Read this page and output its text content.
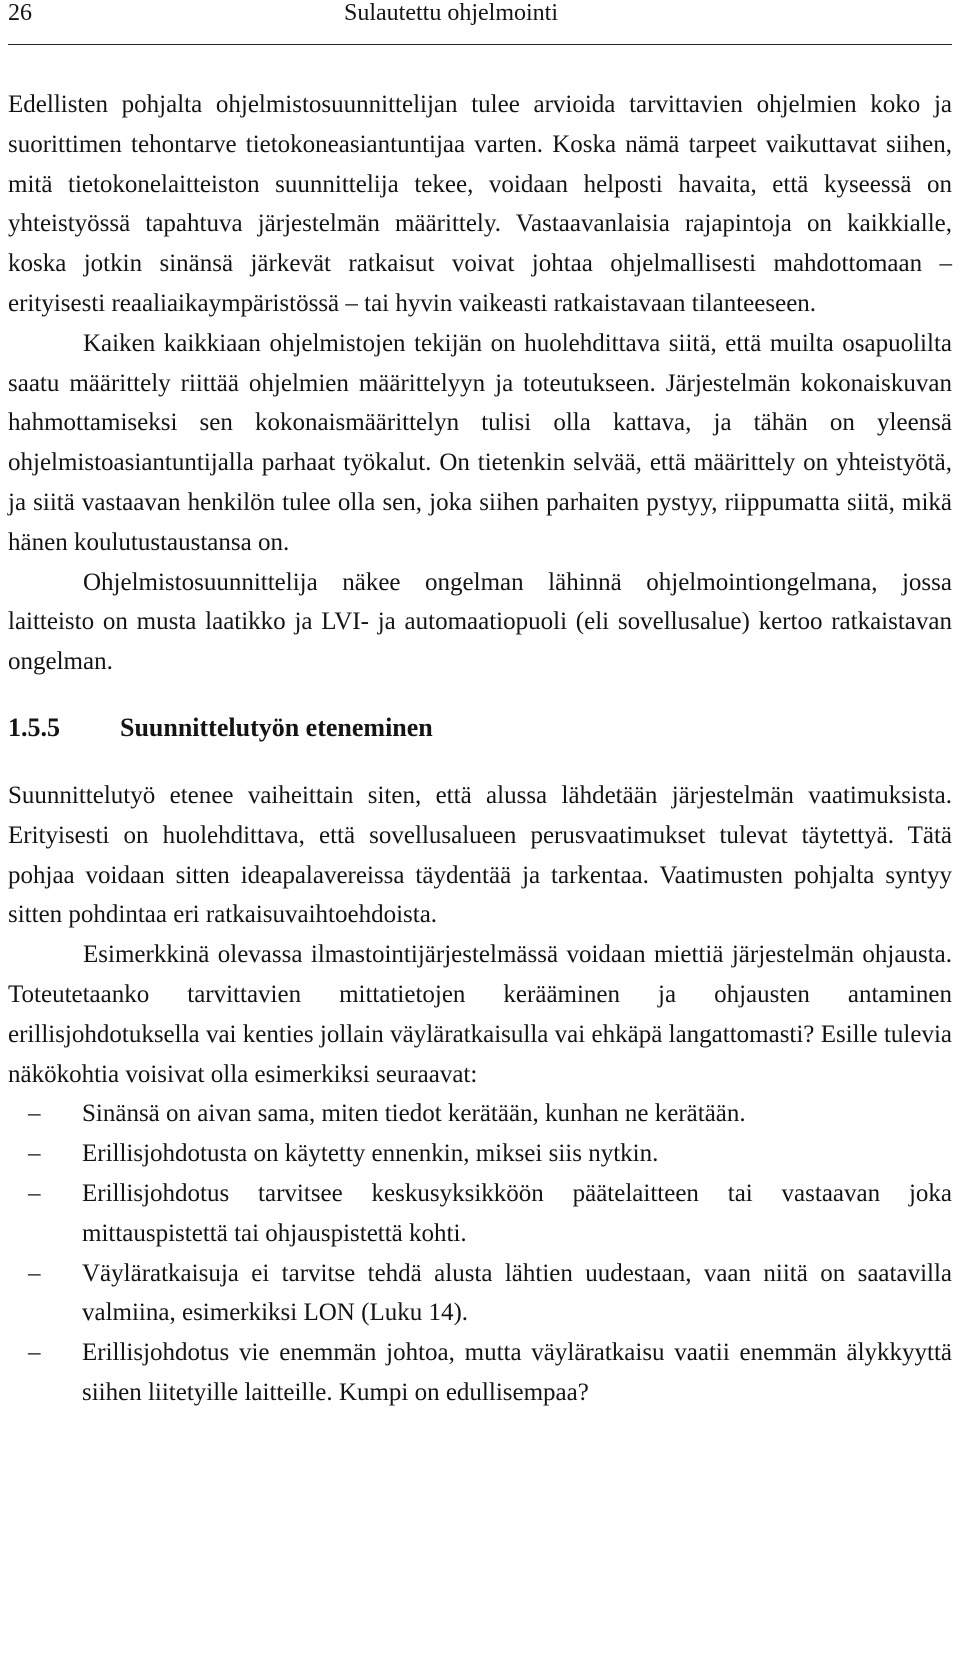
26	Sulautettu ohjelmointi

Edellisten pohjalta ohjelmistosuunnittelijan tulee arvioida tarvittavien ohjelmien koko ja suorittimen tehontarve tietokoneasiantuntijaa varten. Koska nämä tarpeet vaikuttavat siihen, mitä tietokonelaitteiston suunnittelija tekee, voidaan helposti havaita, että kyseessä on yhteistyössä tapahtuva järjestelmän määrittely. Vastaavanlaisia rajapintoja on kaikkialle, koska jotkin sinänsä järkevät ratkaisut voivat johtaa ohjelmallisesti mahdottomaan – erityisesti reaaliaikaympäristössä – tai hyvin vaikeasti ratkaistavaan tilanteeseen.

Kaiken kaikkiaan ohjelmistojen tekijän on huolehdittava siitä, että muilta osapuolilta saatu määrittely riittää ohjelmien määrittelyyn ja toteutukseen. Järjestelmän kokonaiskuvan hahmottamiseksi sen kokonaismäärittelyn tulisi olla kattava, ja tähän on yleensä ohjelmistoasiantuntijalla parhaat työkalut. On tietenkin selvää, että määrittely on yhteistyötä, ja siitä vastaavan henkilön tulee olla sen, joka siihen parhaiten pystyy, riippumatta siitä, mikä hänen koulutustaustansa on.

Ohjelmistosuunnittelija näkee ongelman lähinnä ohjelmointiongelmana, jossa laitteisto on musta laatikko ja LVI- ja automaatiopuoli (eli sovellusalue) kertoo ratkaistavan ongelman.

1.5.5 Suunnittelutyön eteneminen

Suunnittelutyö etenee vaiheittain siten, että alussa lähdetään järjestelmän vaatimuksista. Erityisesti on huolehdittava, että sovellusalueen perusvaatimukset tulevat täytettyä. Tätä pohjaa voidaan sitten ideapalavereissa täydentää ja tarkentaa. Vaatimusten pohjalta syntyy sitten pohdintaa eri ratkaisuvaihtoehdoista.

Esimerkkinä olevassa ilmastointijärjestelmässä voidaan miettiä järjestelmän ohjausta. Toteutetaanko tarvittavien mittatietojen kerääminen ja ohjausten antaminen erillisjohdotuksella vai kenties jollain väyläratkaisulla vai ehkäpä langattomasti? Esille tulevia näkökohtia voisivat olla esimerkiksi seuraavat:

– Sinänsä on aivan sama, miten tiedot kerätään, kunhan ne kerätään.
– Erillisjohdotusta on käytetty ennenkin, miksei siis nytkin.
– Erillisjohdotus tarvitsee keskusyksikköön päätelaitteen tai vastaavan joka mittauspistettä tai ohjauspistettä kohti.
– Väyläratkaisuja ei tarvitse tehdä alusta lähtien uudestaan, vaan niitä on saatavilla valmiina, esimerkiksi LON (Luku 14).
– Erillisjohdotus vie enemmän johtoa, mutta väyläratkaisu vaatii enemmän älykkyyttä siihen liitetyille laitteille. Kumpi on edullisempaa?
